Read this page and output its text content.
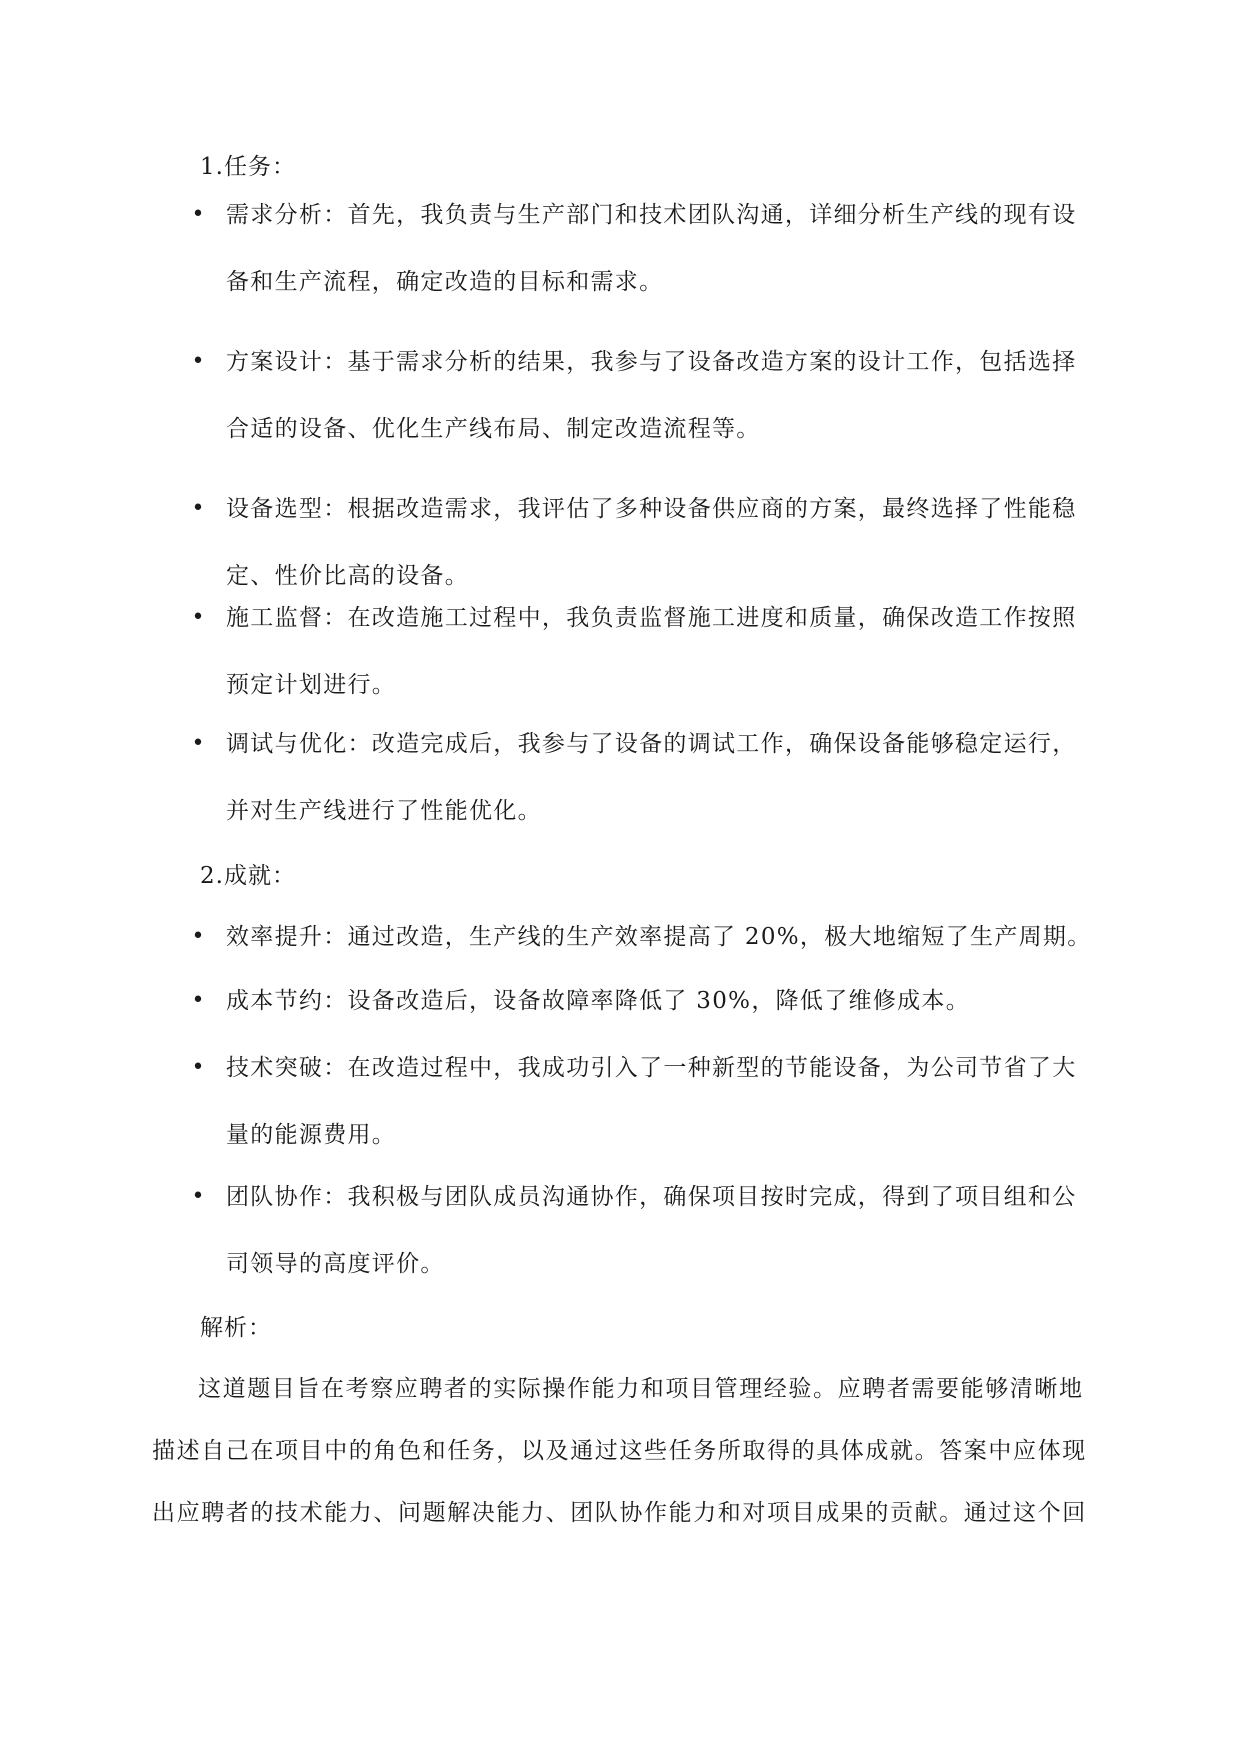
1.任务：
• 需求分析：首先，我负责与生产部门和技术团队沟通，详细分析生产线的现有设
备和生产流程，确定改造的目标和需求。
• 方案设计：基于需求分析的结果，我参与了设备改造方案的设计工作，包括选择
合适的设备、优化生产线布局、制定改造流程等。
• 设备选型：根据改造需求，我评估了多种设备供应商的方案，最终选择了性能稳
定、性价比高的设备。
• 施工监督：在改造施工过程中，我负责监督施工进度和质量，确保改造工作按照
预定计划进行。
• 调试与优化：改造完成后，我参与了设备的调试工作，确保设备能够稳定运行，
并对生产线进行了性能优化。
2.成就：
• 效率提升：通过改造，生产线的生产效率提高了 20%，极大地缩短了生产周期。
• 成本节约：设备改造后，设备故障率降低了 30%，降低了维修成本。
• 技术突破：在改造过程中，我成功引入了一种新型的节能设备，为公司节省了大
量的能源费用。
• 团队协作：我积极与团队成员沟通协作，确保项目按时完成，得到了项目组和公
司领导的高度评价。
解析：
这道题目旨在考察应聘者的实际操作能力和项目管理经验。应聘者需要能够清晰地
描述自己在项目中的角色和任务，以及通过这些任务所取得的具体成就。答案中应体现
出应聘者的技术能力、问题解决能力、团队协作能力和对项目成果的贡献。通过这个回
